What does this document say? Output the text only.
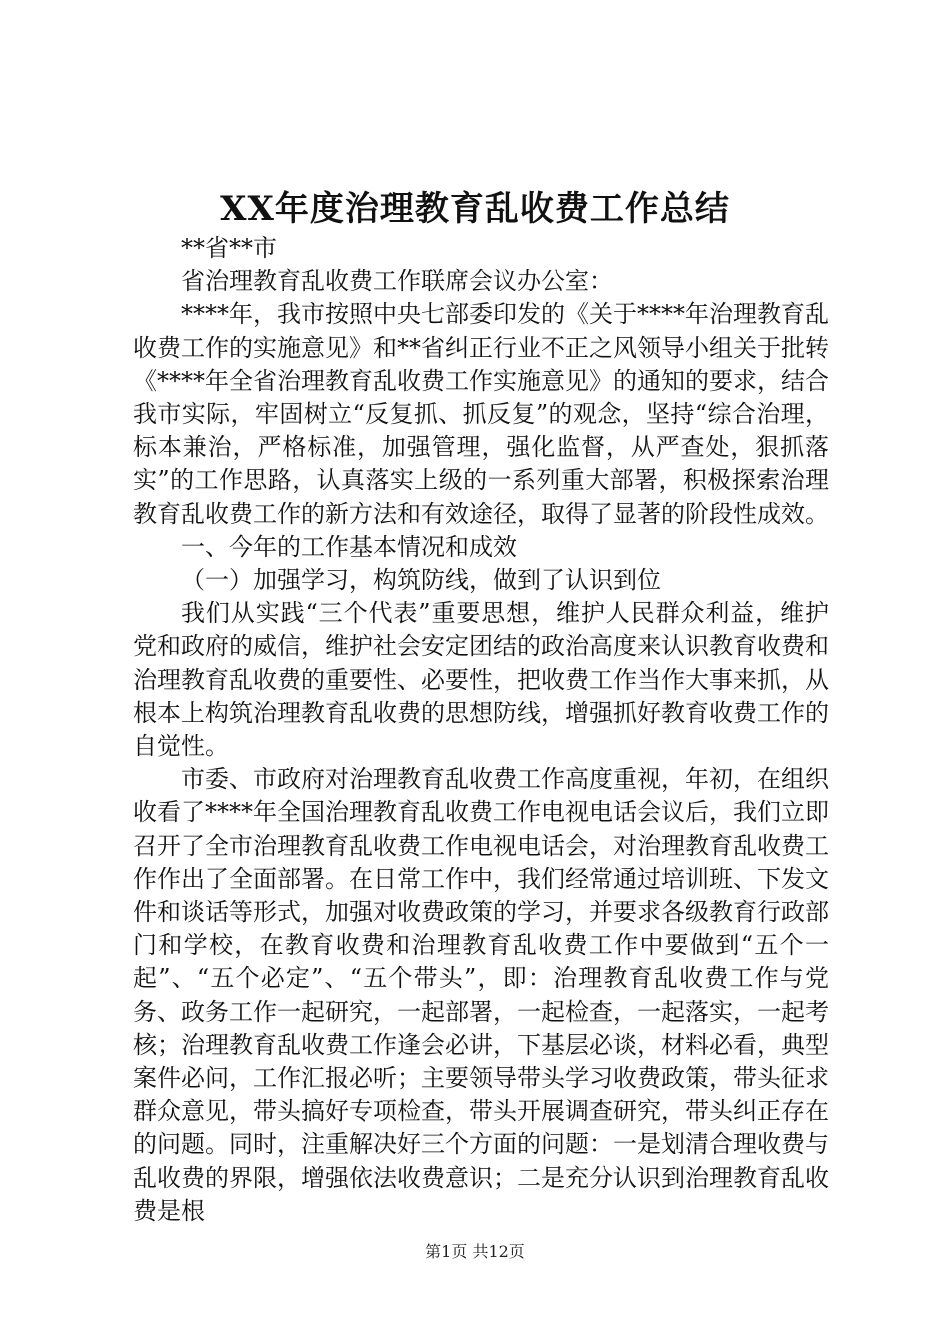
XX年度治理教育乱收费工作总结

**省**市

省治理教育乱收费工作联席会议办公室：

****年，我市按照中央七部委印发的《关于****年治理教育乱收费工作的实施意见》和**省纠正行业不正之风领导小组关于批转《****年全省治理教育乱收费工作实施意见》的通知的要求，结合我市实际，牢固树立“反复抓、抓反复”的观念，坚持“综合治理，标本兼治，严格标准，加强管理，强化监督，从严查处，狠抓落实”的工作思路，认真落实上级的一系列重大部署，积极探索治理教育乱收费工作的新方法和有效途径，取得了显著的阶段性成效。

一、今年的工作基本情况和成效

（一）加强学习，构筑防线，做到了认识到位

我们从实践“三个代表”重要思想，维护人民群众利益，维护党和政府的威信，维护社会安定团结的政治高度来认识教育收费和治理教育乱收费的重要性、必要性，把收费工作当作大事来抓，从根本上构筑治理教育乱收费的思想防线，增强抓好教育收费工作的自觉性。

市委、市政府对治理教育乱收费工作高度重视，年初，在组织收看了****年全国治理教育乱收费工作电视电话会议后，我们立即召开了全市治理教育乱收费工作电视电话会，对治理教育乱收费工作作出了全面部署。在日常工作中，我们经常通过培训班、下发文件和谈话等形式，加强对收费政策的学习，并要求各级教育行政部门和学校，在教育收费和治理教育乱收费工作中要做到“五个一起”、“五个必定”、“五个带头”，即：治理教育乱收费工作与党务、政务工作一起研究，一起部署，一起检查，一起落实，一起考核；治理教育乱收费工作逢会必讲，下基层必谈，材料必看，典型案件必问，工作汇报必听；主要领导带头学习收费政策，带头征求群众意见，带头搞好专项检查，带头开展调查研究，带头纠正存在的问题。同时，注重解决好三个方面的问题：一是划清合理收费与乱收费的界限，增强依法收费意识；二是充分认识到治理教育乱收费是根

第1页 共12页
